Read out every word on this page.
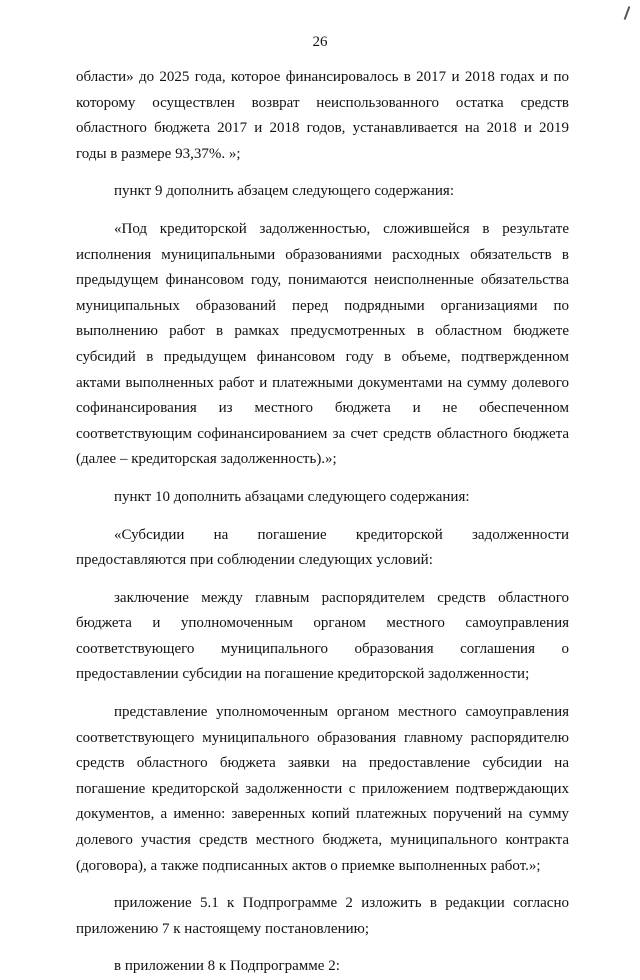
26

области» до 2025 года, которое финансировалось в 2017 и 2018 годах и по которому осуществлен возврат неиспользованного остатка средств областного бюджета 2017 и 2018 годов, устанавливается на 2018 и 2019 годы в размере 93,37%. »;

пункт 9 дополнить абзацем следующего содержания:

«Под кредиторской задолженностью, сложившейся в результате исполнения муниципальными образованиями расходных обязательств в предыдущем финансовом году, понимаются неисполненные обязательства муниципальных образований перед подрядными организациями по выполнению работ в рамках предусмотренных в областном бюджете субсидий в предыдущем финансовом году в объеме, подтвержденном актами выполненных работ и платежными документами на сумму долевого софинансирования из местного бюджета и не обеспеченном соответствующим софинансированием за счет средств областного бюджета (далее – кредиторская задолженность).»;

пункт 10 дополнить абзацами следующего содержания:

«Субсидии на погашение кредиторской задолженности предоставляются при соблюдении следующих условий:

заключение между главным распорядителем средств областного бюджета и уполномоченным органом местного самоуправления соответствующего муниципального образования соглашения о предоставлении субсидии на погашение кредиторской задолженности;

представление уполномоченным органом местного самоуправления соответствующего муниципального образования главному распорядителю средств областного бюджета заявки на предоставление субсидии на погашение кредиторской задолженности с приложением подтверждающих документов, а именно: заверенных копий платежных поручений на сумму долевого участия средств местного бюджета, муниципального контракта (договора), а также подписанных актов о приемке выполненных работ.»;

приложение 5.1 к Подпрограмме 2 изложить в редакции согласно приложению 7 к настоящему постановлению;

в приложении 8 к Подпрограмме 2:
